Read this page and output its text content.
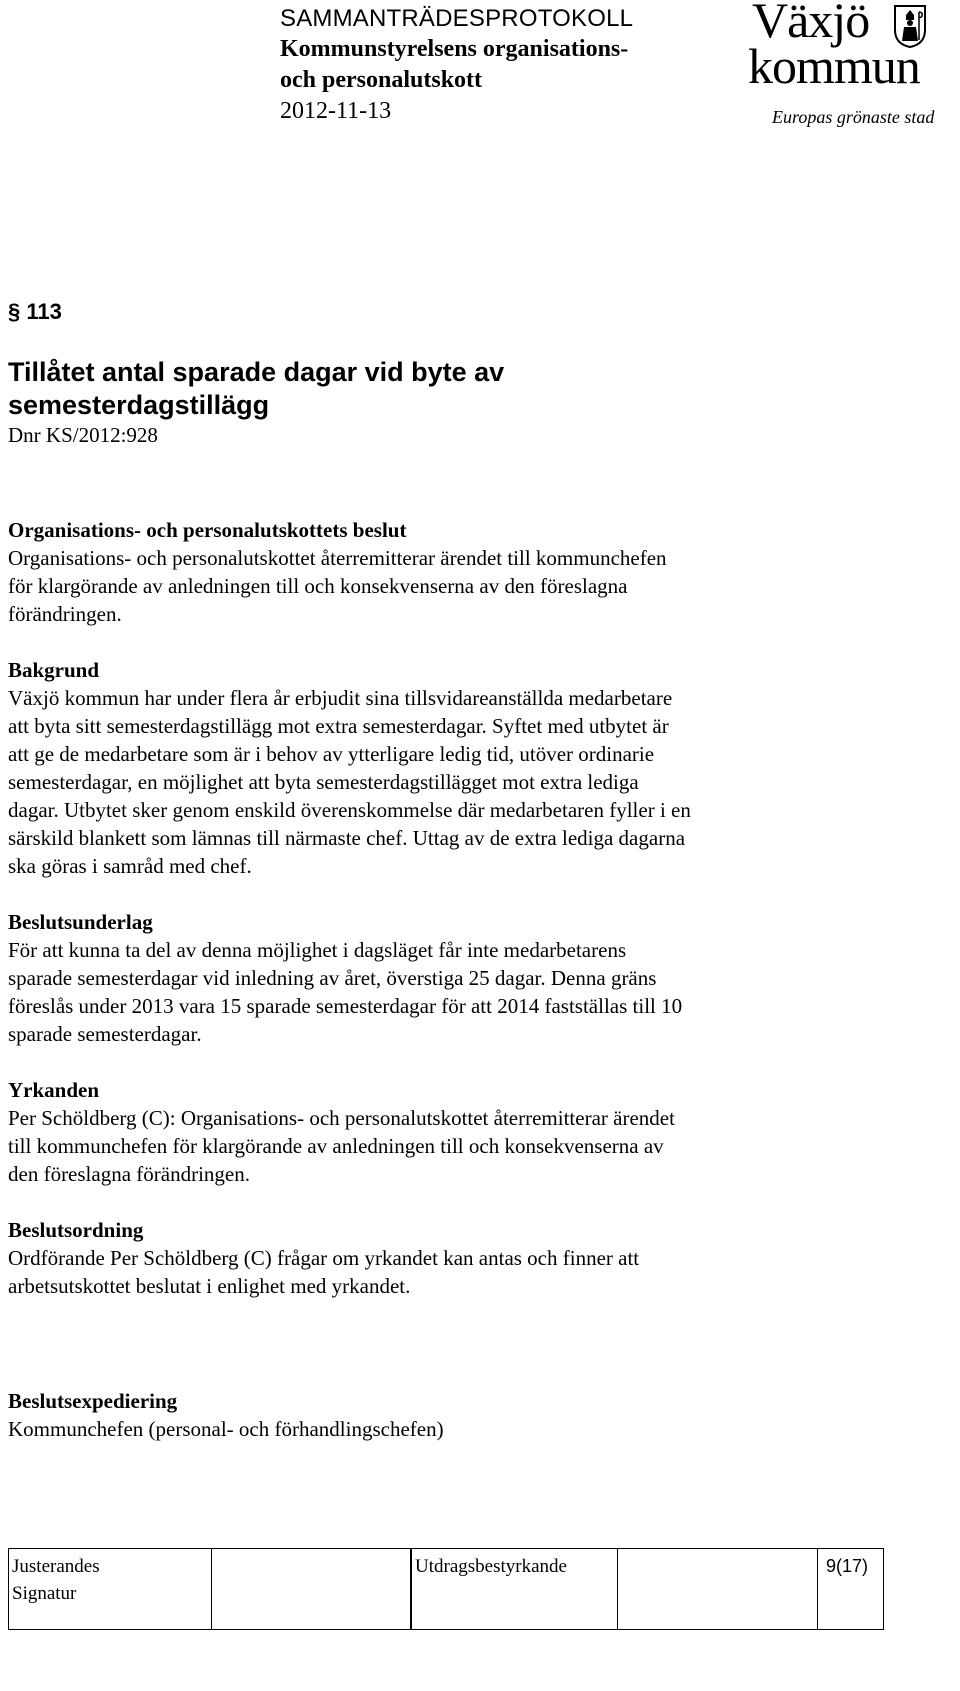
SAMMANTRÄDESPROTOKOLL
Kommunstyrelsens organisations-
och personalutskott
2012-11-13
Växjö
kommun
Europas grönaste stad
§ 113
Tillåtet antal sparade dagar vid byte av
semesterdagstillägg
Dnr KS/2012:928
Organisations- och personalutskottets beslut
Organisations- och personalutskottet återremitterar ärendet till kommunchefen
för klargörande av anledningen till och konsekvenserna av den föreslagna
förändringen.
Bakgrund
Växjö kommun har under flera år erbjudit sina tillsvidareanställda medarbetare
att byta sitt semesterdagstillägg mot extra semesterdagar. Syftet med utbytet är
att ge de medarbetare som är i behov av ytterligare ledig tid, utöver ordinarie
semesterdagar, en möjlighet att byta semesterdagstillägget mot extra lediga
dagar. Utbytet sker genom enskild överenskommelse där medarbetaren fyller i en
särskild blankett som lämnas till närmaste chef. Uttag av de extra lediga dagarna
ska göras i samråd med chef.
Beslutsunderlag
För att kunna ta del av denna möjlighet i dagsläget får inte medarbetarens
sparade semesterdagar vid inledning av året, överstiga 25 dagar. Denna gräns
föreslås under 2013 vara 15 sparade semesterdagar för att 2014 fastställas till 10
sparade semesterdagar.
Yrkanden
Per Schöldberg (C): Organisations- och personalutskottet återremitterar ärendet
till kommunchefen för klargörande av anledningen till och konsekvenserna av
den föreslagna förändringen.
Beslutsordning
Ordförande Per Schöldberg (C) frågar om yrkandet kan antas och finner att
arbetsutskottet beslutat i enlighet med yrkandet.
Beslutsexpediering
Kommunchefen (personal- och förhandlingschefen)
Justerandes
Signatur
Utdragsbestyrkande	9(17)
